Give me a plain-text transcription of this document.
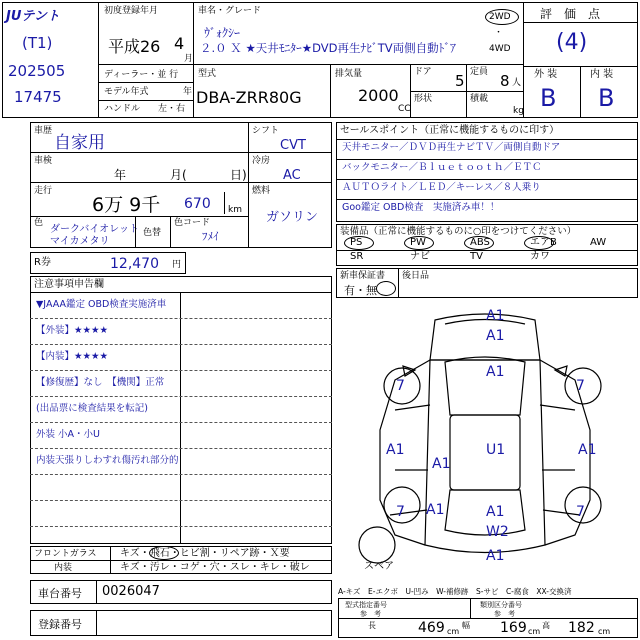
JUテント
(T1)
202505
17475
初度登録年月
平成26 4
月
ディーラー・並 行
モデル年式	年
ハンドル 左・右
車名・グレード
ｳﾞｫｸｼｰ
２.０ Ｘ ★天井ﾓﾆﾀｰ★DVD再生ﾅﾋﾞTV両側自動ﾄﾞｱ
2WD
・
4WD
型式
DBA-ZRR80G
排気量
2000
CC
ドア 5 定員 8 人
形状	積載
kg
評　価　点
(4)
外 装	内 装
B B
車歴
自家用
車検
年	月(	日)
走行
6万 9千 670 km
色
ダークバイオレット
マイカメタリ
色替
色コード
ﾌﾒｲ
シフト
CVT
冷房
AC
燃料
ガソリン
R券	12,470 円
セールスポイント（正常に機能するものに印す）
天井モニター／ＤＶＤ再生ナビＴＶ／両側自動ドア
バックモニター／Ｂｌｕｅｔｏｏｔｈ／ＥＴＣ
ＡＵＴＯライト／ＬＥＤ／キーレス／８人乗り
Goo鑑定 OBD検査　実施済み車！！
装備品（正常に機能するものに○印をつけてください）
PS	PW	ABS	エアB	AW
SR	ナビ	TV	カワ
新車保証書
有・無
後日品
注意事項申告欄
▼JAAA鑑定 OBD検査実施済車
【外装】★★★★
【内装】★★★★
【修復歴】なし　【機関】正常
(出品票に検査結果を転記)
外装 小A・小U
内装天張りしわすれ傷汚れ部分的
A1
A1
A1
7	7
A1
A1
U1	A1
7	7
A1	A1
W2
A1
スペア
フロントガラス キズ・飛石・ヒビ割・リペア跡・Ｘ要
内装	キズ・汚レ・コゲ・穴・スレ・キレ・破レ
車台番号 0026047
登録番号
A-キズ　E-エクボ　U-凹み　W-補修跡　S-サビ　C-腐食　XX-交換済
型式指定番号
参　考
類別区分番号
参　考
長	469 cm
幅 169 cm
高 182 cm
